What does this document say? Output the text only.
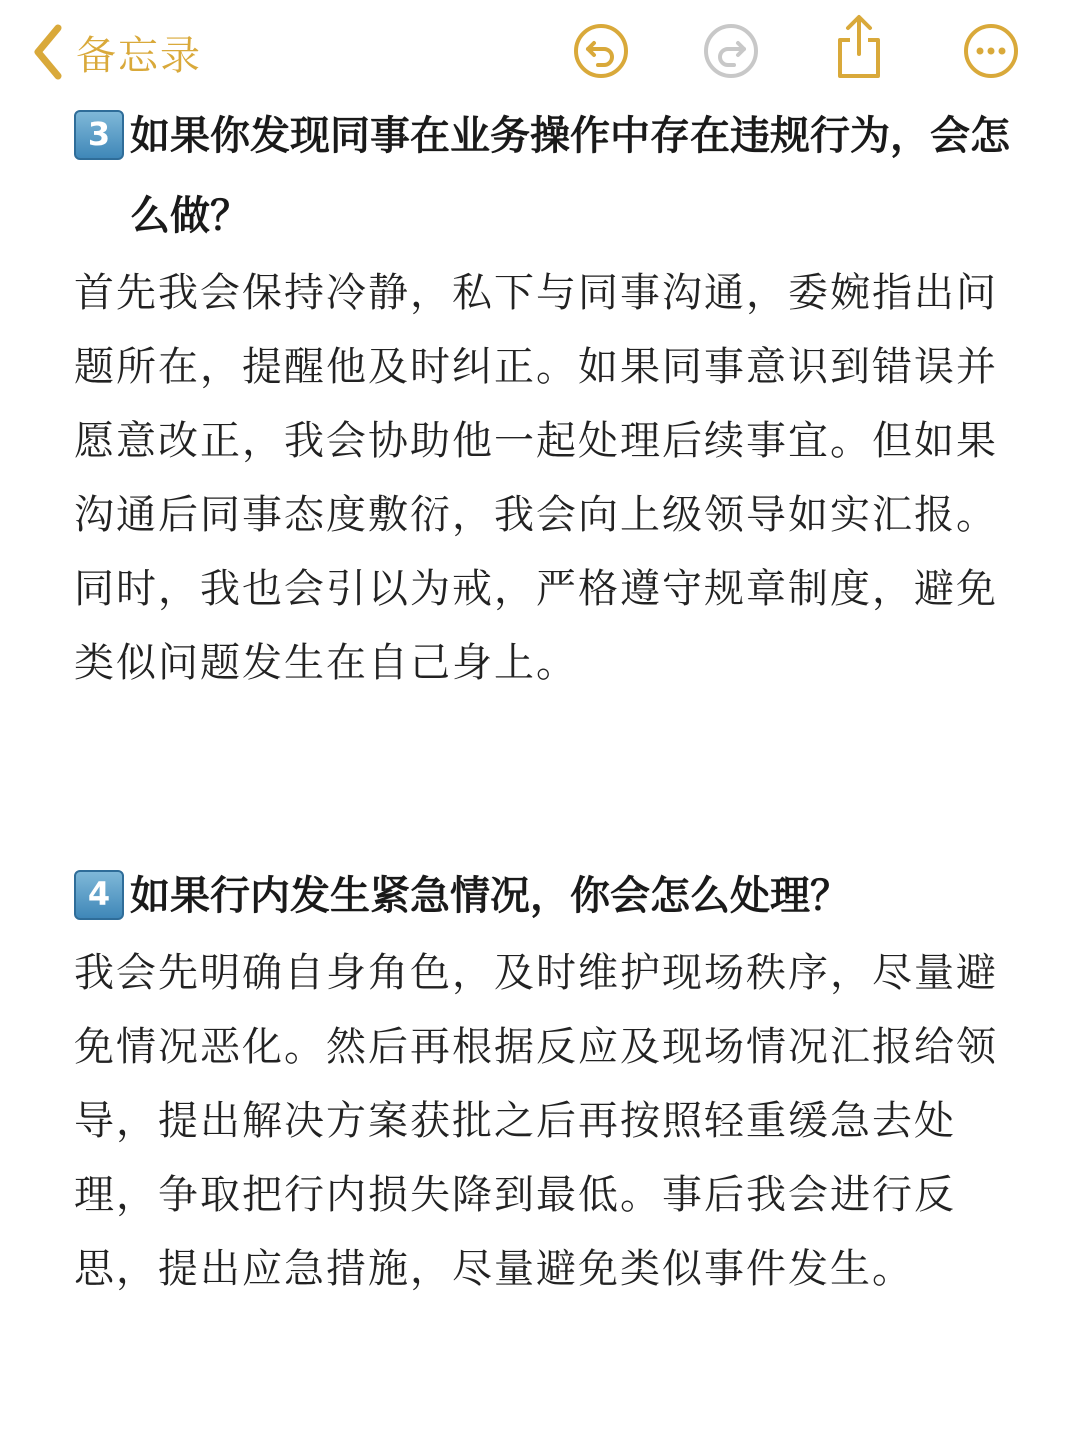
备忘录
3 如果你发现同事在业务操作中存在违规行为，会怎么做？

首先我会保持冷静，私下与同事沟通，委婉指出问题所在，提醒他及时纠正。如果同事意识到错误并愿意改正，我会协助他一起处理后续事宜。但如果沟通后同事态度敷衍，我会向上级领导如实汇报。同时，我也会引以为戒，严格遵守规章制度，避免类似问题发生在自己身上。

4 如果行内发生紧急情况，你会怎么处理？

我会先明确自身角色，及时维护现场秩序，尽量避免情况恶化。然后再根据反应及现场情况汇报给领导，提出解决方案获批之后再按照轻重缓急去处理，争取把行内损失降到最低。事后我会进行反思，提出应急措施，尽量避免类似事件发生。
